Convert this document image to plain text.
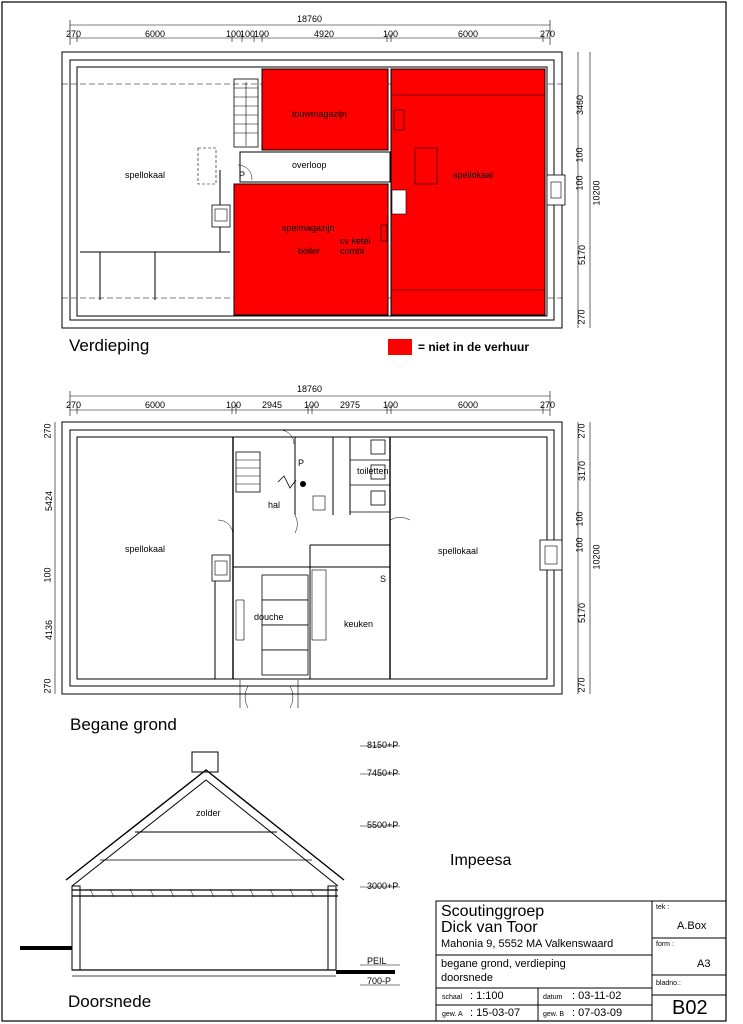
18760
270	6000	100
100
100	4920	100	6000	270
3460
100
100
5170
270
10200
spellokaal
touwmagazijn
overloop
spellokaal
spelmagazijn
boiler
cv ketel
combi
P
Verdieping	= niet in de verhuur
18760
270	6000	100 2945 100 2975	100	6000	270
270
5424
100
4136
270
270
3170
100
100
5170
270
10200
spellokaal
toiletten
hal
spellokaal
douche
keuken
P
S
Begane grond
zolder
8150+P
7450+P
5500+P
3000+P
PEIL
700-P
Doorsnede
Impeesa
Scoutinggroep
Dick van Toor
Mahonia 9, 5552 MA Valkenswaard
begane grond, verdieping
doorsnede
schaal : 1:100	datum : 03-11-02
gew. A : 15-03-07	gew. B : 07-03-09
tek :
A.Box
form :
A3
bladno.:
B02
